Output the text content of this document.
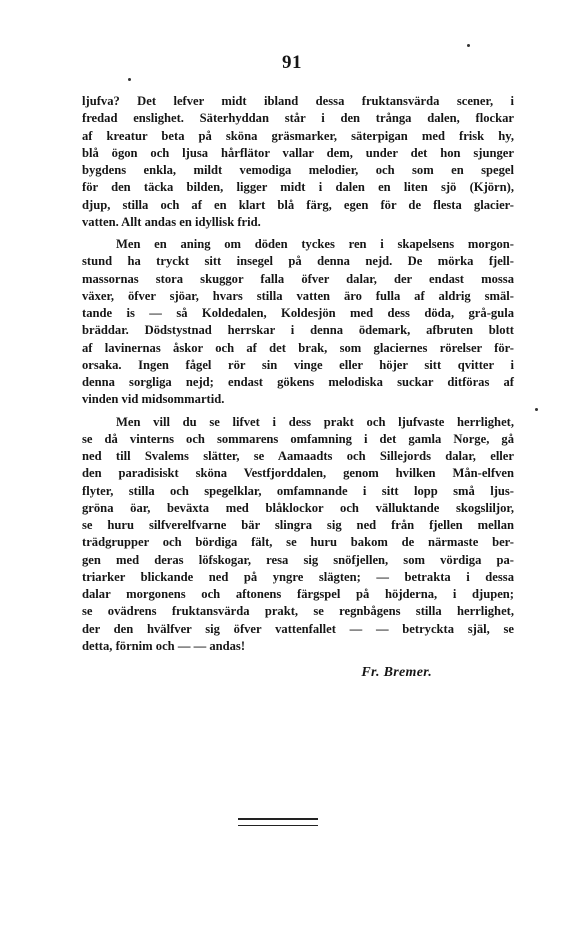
91
ljufva? Det lefver midt ibland dessa fruktansvärda scener, i
fredad enslighet. Säterhyddan står i den trånga dalen, flockar
af kreatur beta på sköna gräsmarker, säterpigan med frisk hy,
blå ögon och ljusa hårflätor vallar dem, under det hon sjunger
bygdens enkla, mildt vemodiga melodier, och som en spegel
för den täcka bilden, ligger midt i dalen en liten sjö (Kjörn),
djup, stilla och af en klart blå färg, egen för de flesta glacier-
vatten. Allt andas en idyllisk frid.
Men en aning om döden tyckes ren i skapelsens morgon-
stund ha tryckt sitt insegel på denna nejd. De mörka fjell-
massornas stora skuggor falla öfver dalar, der endast mossa
växer, öfver sjöar, hvars stilla vatten äro fulla af aldrig smäl-
tande is — så Koldedalen, Koldesjön med dess döda, grå-gula
bräddar. Dödstystnad herrskar i denna ödemark, afbruten blott
af lavinernas åskor och af det brak, som glaciernes rörelser för-
orsaka. Ingen fågel rör sin vinge eller höjer sitt qvitter i
denna sorgliga nejd; endast gökens melodiska suckar ditföras af
vinden vid midsommartid.
Men vill du se lifvet i dess prakt och ljufvaste herrlighet,
se då vinterns och sommarens omfamning i det gamla Norge, gå
ned till Svalems slätter, se Aamaadts och Sillejords dalar, eller
den paradisiskt sköna Vestfjorddalen, genom hvilken Mån-elfven
flyter, stilla och spegelklar, omfamnande i sitt lopp små ljus-
gröna öar, beväxta med blåklockor och välluktande skogsliljor,
se huru silfverelfvarne bär slingra sig ned från fjellen mellan
trädgrupper och bördiga fält, se huru bakom de närmaste ber-
gen med deras löfskogar, resa sig snöfjellen, som vördiga pa-
triarker blickande ned på yngre slägten; — betrakta i dessa
dalar morgonens och aftonens färgspel på höjderna, i djupen;
se ovädrens fruktansvärda prakt, se regnbågens stilla herrlighet,
der den hvälfver sig öfver vattenfallet — — betryckta själ, se
detta, förnim och — — andas!
Fr. Bremer.
